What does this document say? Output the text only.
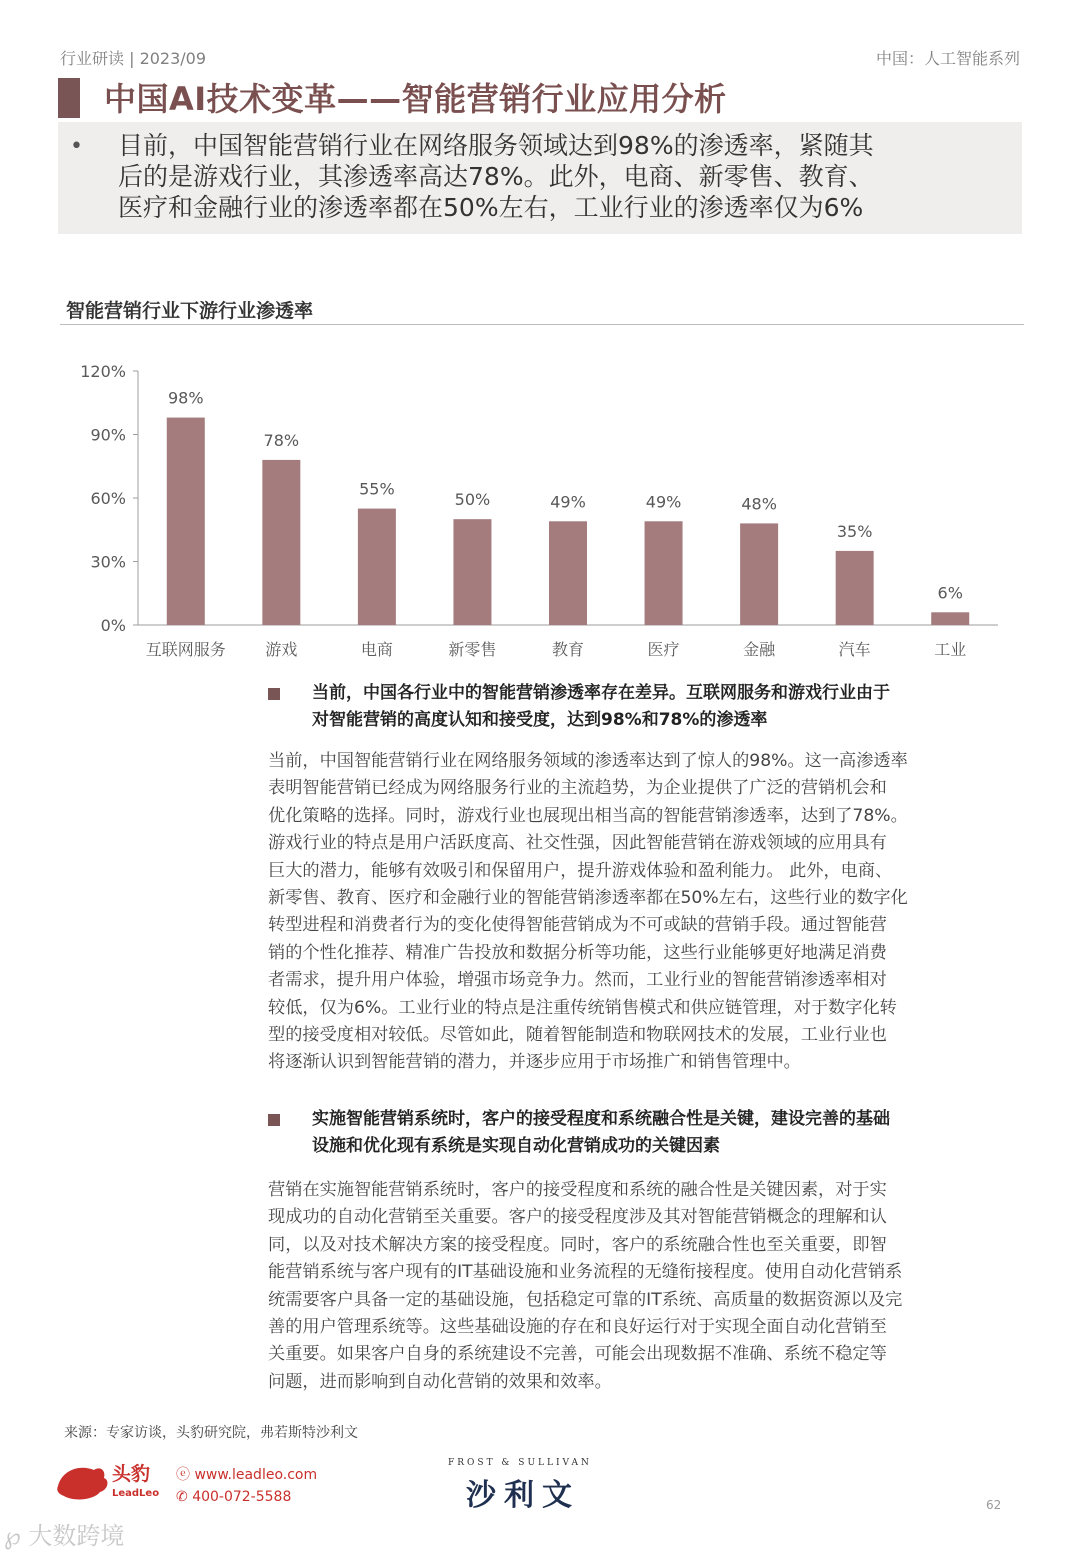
行业研读 | 2023/09	中国：人工智能系列
中国AI技术变革——智能营销行业应用分析
• 目前，中国智能营销行业在网络服务领域达到98%的渗透率，紧随其
后的是游戏行业，其渗透率高达78%。此外，电商、新零售、教育、
医疗和金融行业的渗透率都在50%左右，工业行业的渗透率仅为6%
智能营销行业下游行业渗透率
0%
30%
60%
90%
120%
98%
互联网服务
78%
游戏
55%
电商
50%
新零售
49%
教育
49%
医疗
48%
金融
35%
汽车
6%
工业
当前，中国各行业中的智能营销渗透率存在差异。互联网服务和游戏行业由于
对智能营销的高度认知和接受度，达到98%和78%的渗透率
当前，中国智能营销行业在网络服务领域的渗透率达到了惊人的98%。这一高渗透率
表明智能营销已经成为网络服务行业的主流趋势，为企业提供了广泛的营销机会和
优化策略的选择。同时，游戏行业也展现出相当高的智能营销渗透率，达到了78%。
游戏行业的特点是用户活跃度高、社交性强，因此智能营销在游戏领域的应用具有
巨大的潜力，能够有效吸引和保留用户，提升游戏体验和盈利能力。 此外，电商、
新零售、教育、医疗和金融行业的智能营销渗透率都在50%左右，这些行业的数字化
转型进程和消费者行为的变化使得智能营销成为不可或缺的营销手段。通过智能营
销的个性化推荐、精准广告投放和数据分析等功能，这些行业能够更好地满足消费
者需求，提升用户体验，增强市场竞争力。然而，工业行业的智能营销渗透率相对
较低，仅为6%。工业行业的特点是注重传统销售模式和供应链管理，对于数字化转
型的接受度相对较低。尽管如此，随着智能制造和物联网技术的发展，工业行业也
将逐渐认识到智能营销的潜力，并逐步应用于市场推广和销售管理中。
实施智能营销系统时，客户的接受程度和系统融合性是关键，建设完善的基础
设施和优化现有系统是实现自动化营销成功的关键因素
营销在实施智能营销系统时，客户的接受程度和系统的融合性是关键因素，对于实
现成功的自动化营销至关重要。客户的接受程度涉及其对智能营销概念的理解和认
同，以及对技术解决方案的接受程度。同时，客户的系统融合性也至关重要，即智
能营销系统与客户现有的IT基础设施和业务流程的无缝衔接程度。使用自动化营销系
统需要客户具备一定的基础设施，包括稳定可靠的IT系统、高质量的数据资源以及完
善的用户管理系统等。这些基础设施的存在和良好运行对于实现全面自动化营销至
关重要。如果客户自身的系统建设不完善，可能会出现数据不准确、系统不稳定等
问题，进而影响到自动化营销的效果和效率。
来源：专家访谈，头豹研究院，弗若斯特沙利文
头豹
LeadLeo
ⓔ www.leadleo.com
✆ 400-072-5588
FROST & SULLIVAN
沙利文	62
℘ 大数跨境
